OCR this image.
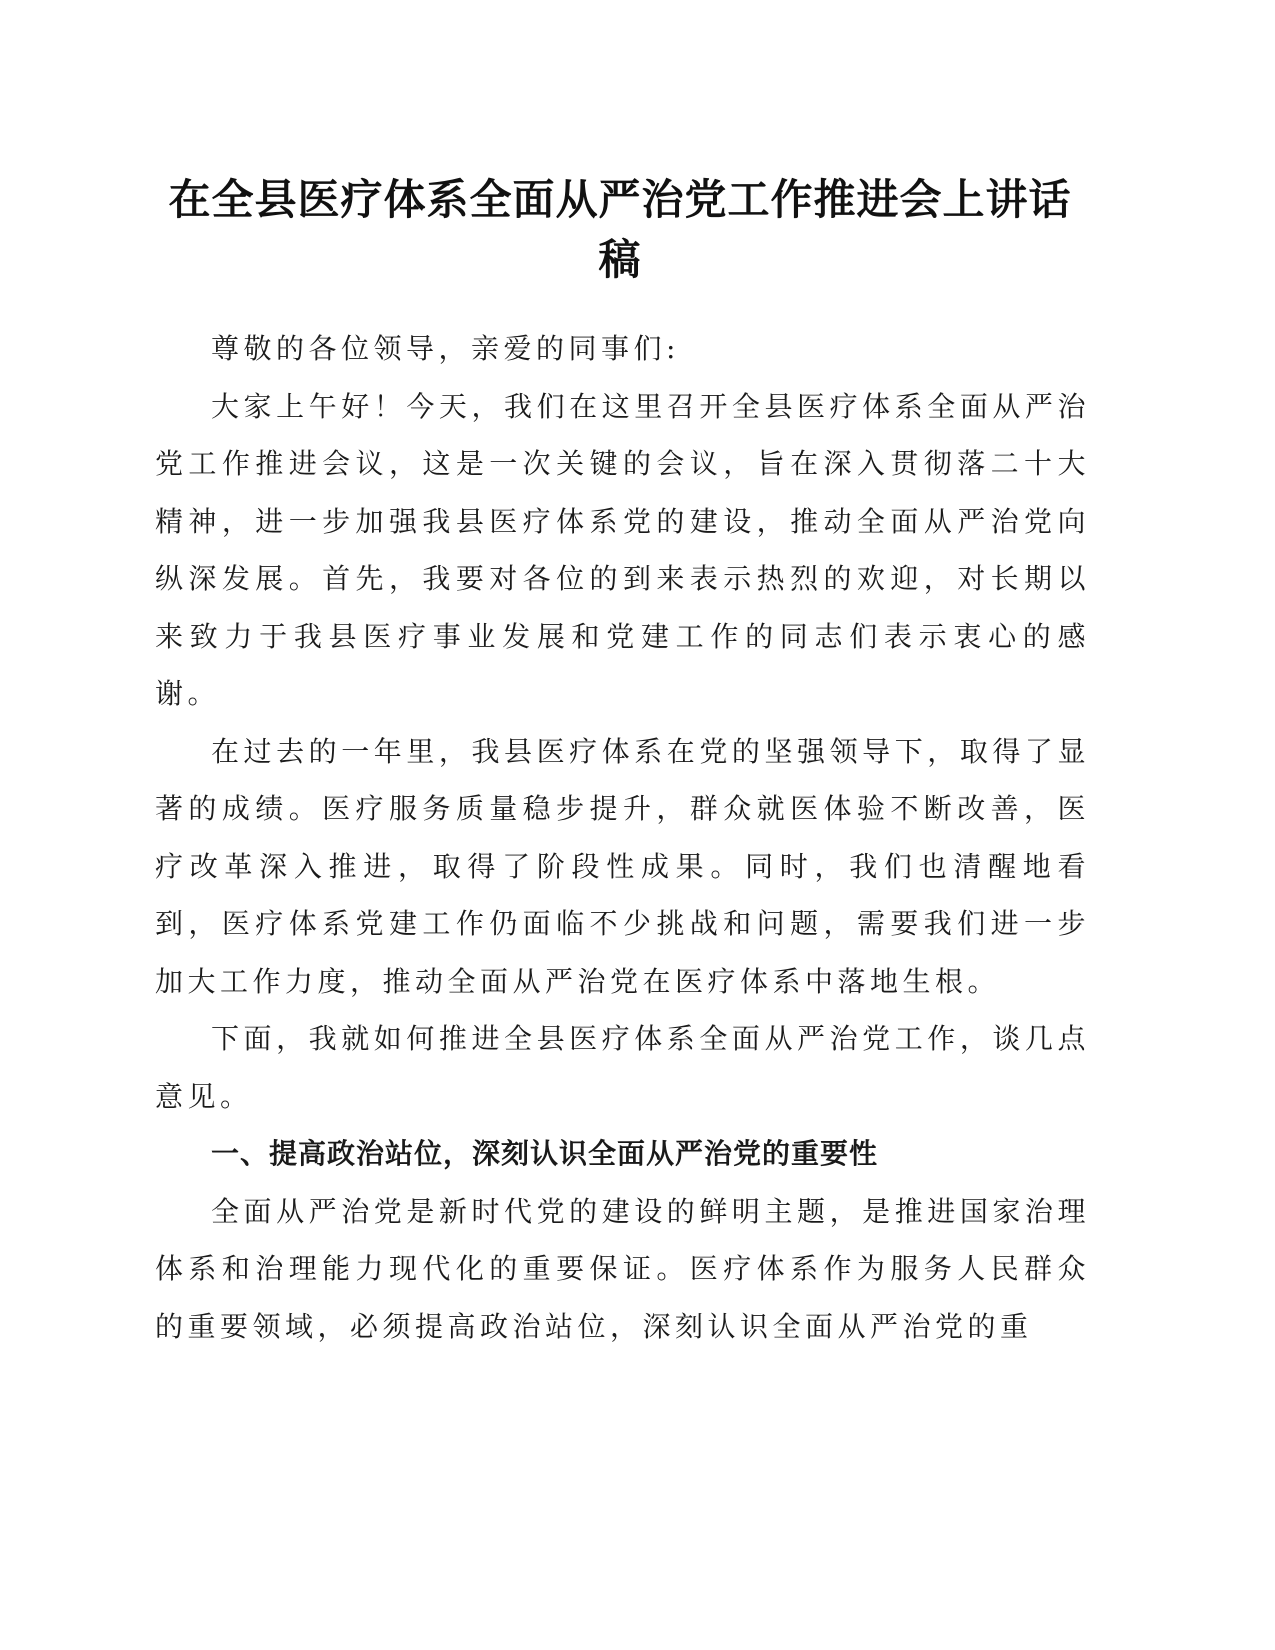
在全县医疗体系全面从严治党工作推进会上讲话稿

尊敬的各位领导，亲爱的同事们:

大家上午好！今天，我们在这里召开全县医疗体系全面从严治党工作推进会议，这是一次关键的会议，旨在深入贯彻落二十大精神，进一步加强我县医疗体系党的建设，推动全面从严治党向纵深发展。首先，我要对各位的到来表示热烈的欢迎，对长期以来致力于我县医疗事业发展和党建工作的同志们表示衷心的感谢。

在过去的一年里，我县医疗体系在党的坚强领导下，取得了显著的成绩。医疗服务质量稳步提升，群众就医体验不断改善，医疗改革深入推进，取得了阶段性成果。同时，我们也清醒地看到，医疗体系党建工作仍面临不少挑战和问题，需要我们进一步加大工作力度，推动全面从严治党在医疗体系中落地生根。

下面，我就如何推进全县医疗体系全面从严治党工作，谈几点意见。

一、提高政治站位，深刻认识全面从严治党的重要性

全面从严治党是新时代党的建设的鲜明主题，是推进国家治理体系和治理能力现代化的重要保证。医疗体系作为服务人民群众的重要领域，必须提高政治站位，深刻认识全面从严治党的重
